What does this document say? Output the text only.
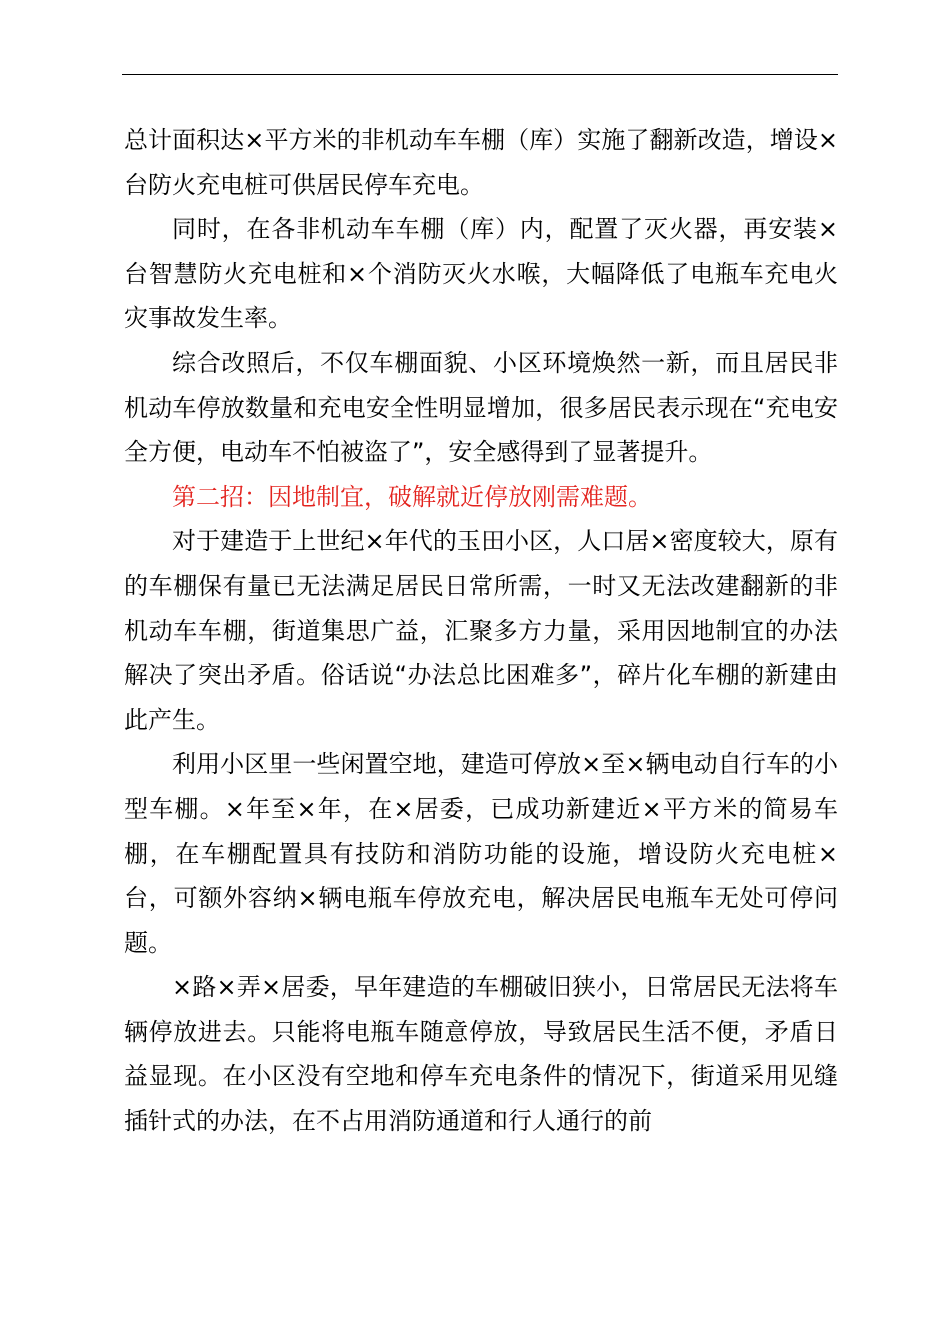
总计面积达×平方米的非机动车车棚（库）实施了翻新改造，增设×台防火充电桩可供居民停车充电。

同时，在各非机动车车棚（库）内，配置了灭火器，再安装×台智慧防火充电桩和×个消防灭火水喉，大幅降低了电瓶车充电火灾事故发生率。

综合改照后，不仅车棚面貌、小区环境焕然一新，而且居民非机动车停放数量和充电安全性明显增加，很多居民表示现在“充电安全方便，电动车不怕被盗了”，安全感得到了显著提升。

第二招：因地制宜，破解就近停放刚需难题。

对于建造于上世纪×年代的玉田小区，人口居×密度较大，原有的车棚保有量已无法满足居民日常所需，一时又无法改建翻新的非机动车车棚，街道集思广益，汇聚多方力量，采用因地制宜的办法解决了突出矛盾。俗话说“办法总比困难多”，碎片化车棚的新建由此产生。

利用小区里一些闲置空地，建造可停放×至×辆电动自行车的小型车棚。×年至×年，在×居委，已成功新建近×平方米的简易车棚，在车棚配置具有技防和消防功能的设施，增设防火充电桩×台，可额外容纳×辆电瓶车停放充电，解决居民电瓶车无处可停问题。

×路×弄×居委，早年建造的车棚破旧狭小，日常居民无法将车辆停放进去。只能将电瓶车随意停放，导致居民生活不便，矛盾日益显现。在小区没有空地和停车充电条件的情况下，街道采用见缝插针式的办法，在不占用消防通道和行人通行的前
